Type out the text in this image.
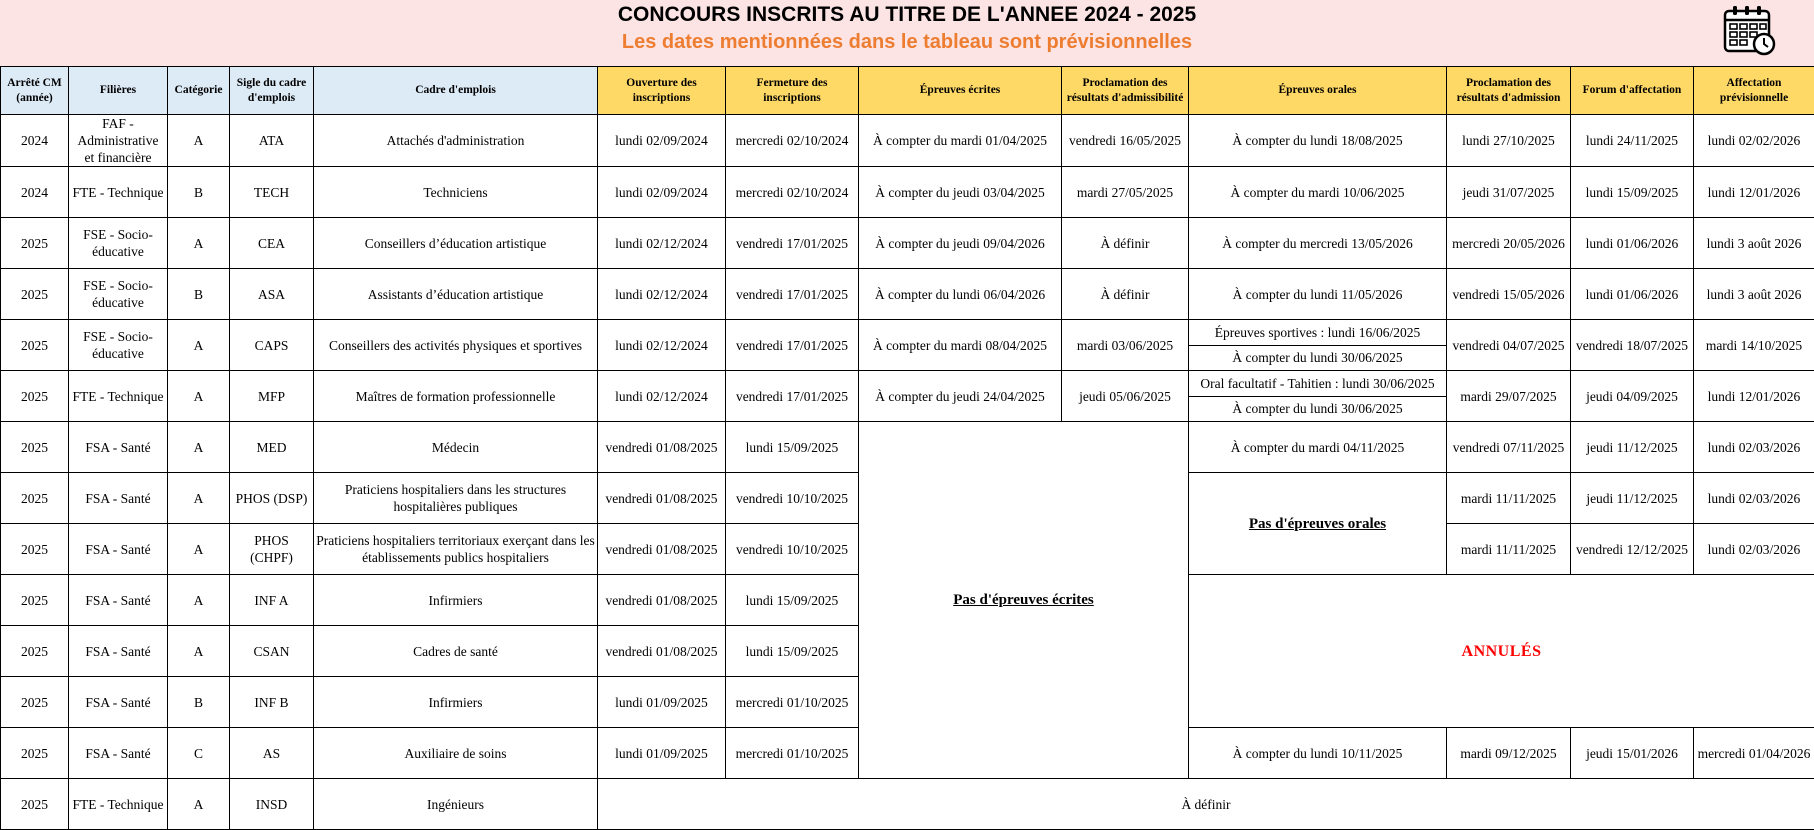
CONCOURS INSCRITS AU TITRE DE L'ANNEE 2024 - 2025
Les dates mentionnées dans le tableau sont prévisionnelles
Arrêté CM (année)	Filières	Catégorie	Sigle du cadre d'emplois	Cadre d'emplois	Ouverture des inscriptions	Fermeture des inscriptions	Épreuves écrites	Proclamation des résultats d'admissibilité	Épreuves orales	Proclamation des résultats d'admission	Forum d'affectation	Affectation prévisionnelle
2024	FAF - Administrative et financière	A	ATA	Attachés d'administration	lundi 02/09/2024	mercredi 02/10/2024	À compter du mardi 01/04/2025	vendredi 16/05/2025	À compter du lundi 18/08/2025	lundi 27/10/2025	lundi 24/11/2025	lundi 02/02/2026
2024	FTE - Technique	B	TECH	Techniciens	lundi 02/09/2024	mercredi 02/10/2024	À compter du jeudi 03/04/2025	mardi 27/05/2025	À compter du mardi 10/06/2025	jeudi 31/07/2025	lundi 15/09/2025	lundi 12/01/2026
2025	FSE - Socio-éducative	A	CEA	Conseillers d’éducation artistique	lundi 02/12/2024	vendredi 17/01/2025	À compter du jeudi 09/04/2026	À définir	À compter du mercredi 13/05/2026	mercredi 20/05/2026	lundi 01/06/2026	lundi 3 août 2026
2025	FSE - Socio-éducative	B	ASA	Assistants d’éducation artistique	lundi 02/12/2024	vendredi 17/01/2025	À compter du lundi 06/04/2026	À définir	À compter du lundi 11/05/2026	vendredi 15/05/2026	lundi 01/06/2026	lundi 3 août 2026
2025	FSE - Socio-éducative	A	CAPS	Conseillers des activités physiques et sportives	lundi 02/12/2024	vendredi 17/01/2025	À compter du mardi 08/04/2025	mardi 03/06/2025	Épreuves sportives : lundi 16/06/2025	vendredi 04/07/2025	vendredi 18/07/2025	mardi 14/10/2025
									À compter du lundi 30/06/2025			
2025	FTE - Technique	A	MFP	Maîtres de formation professionnelle	lundi 02/12/2024	vendredi 17/01/2025	À compter du jeudi 24/04/2025	jeudi 05/06/2025	Oral facultatif - Tahitien : lundi 30/06/2025	mardi 29/07/2025	jeudi 04/09/2025	lundi 12/01/2026
									À compter du lundi 30/06/2025			
2025	FSA - Santé	A	MED	Médecin	vendredi 01/08/2025	lundi 15/09/2025	Pas d'épreuves écrites		À compter du mardi 04/11/2025	vendredi 07/11/2025	jeudi 11/12/2025	lundi 02/03/2026
2025	FSA - Santé	A	PHOS (DSP)	Praticiens hospitaliers dans les structures hospitalières publiques	vendredi 01/08/2025	vendredi 10/10/2025			Pas d'épreuves orales	mardi 11/11/2025	jeudi 11/12/2025	lundi 02/03/2026
2025	FSA - Santé	A	PHOS (CHPF)	Praticiens hospitaliers territoriaux exerçant dans les établissements publics hospitaliers	vendredi 01/08/2025	vendredi 10/10/2025				mardi 11/11/2025	vendredi 12/12/2025	lundi 02/03/2026
2025	FSA - Santé	A	INF A	Infirmiers	vendredi 01/08/2025	lundi 15/09/2025			ANNULÉS			
2025	FSA - Santé	A	CSAN	Cadres de santé	vendredi 01/08/2025	lundi 15/09/2025						
2025	FSA - Santé	B	INF B	Infirmiers	lundi 01/09/2025	mercredi 01/10/2025						
2025	FSA - Santé	C	AS	Auxiliaire de soins	lundi 01/09/2025	mercredi 01/10/2025			À compter du lundi 10/11/2025	mardi 09/12/2025	jeudi 15/01/2026	mercredi 01/04/2026
2025	FTE - Technique	A	INSD	Ingénieurs	À définir							
